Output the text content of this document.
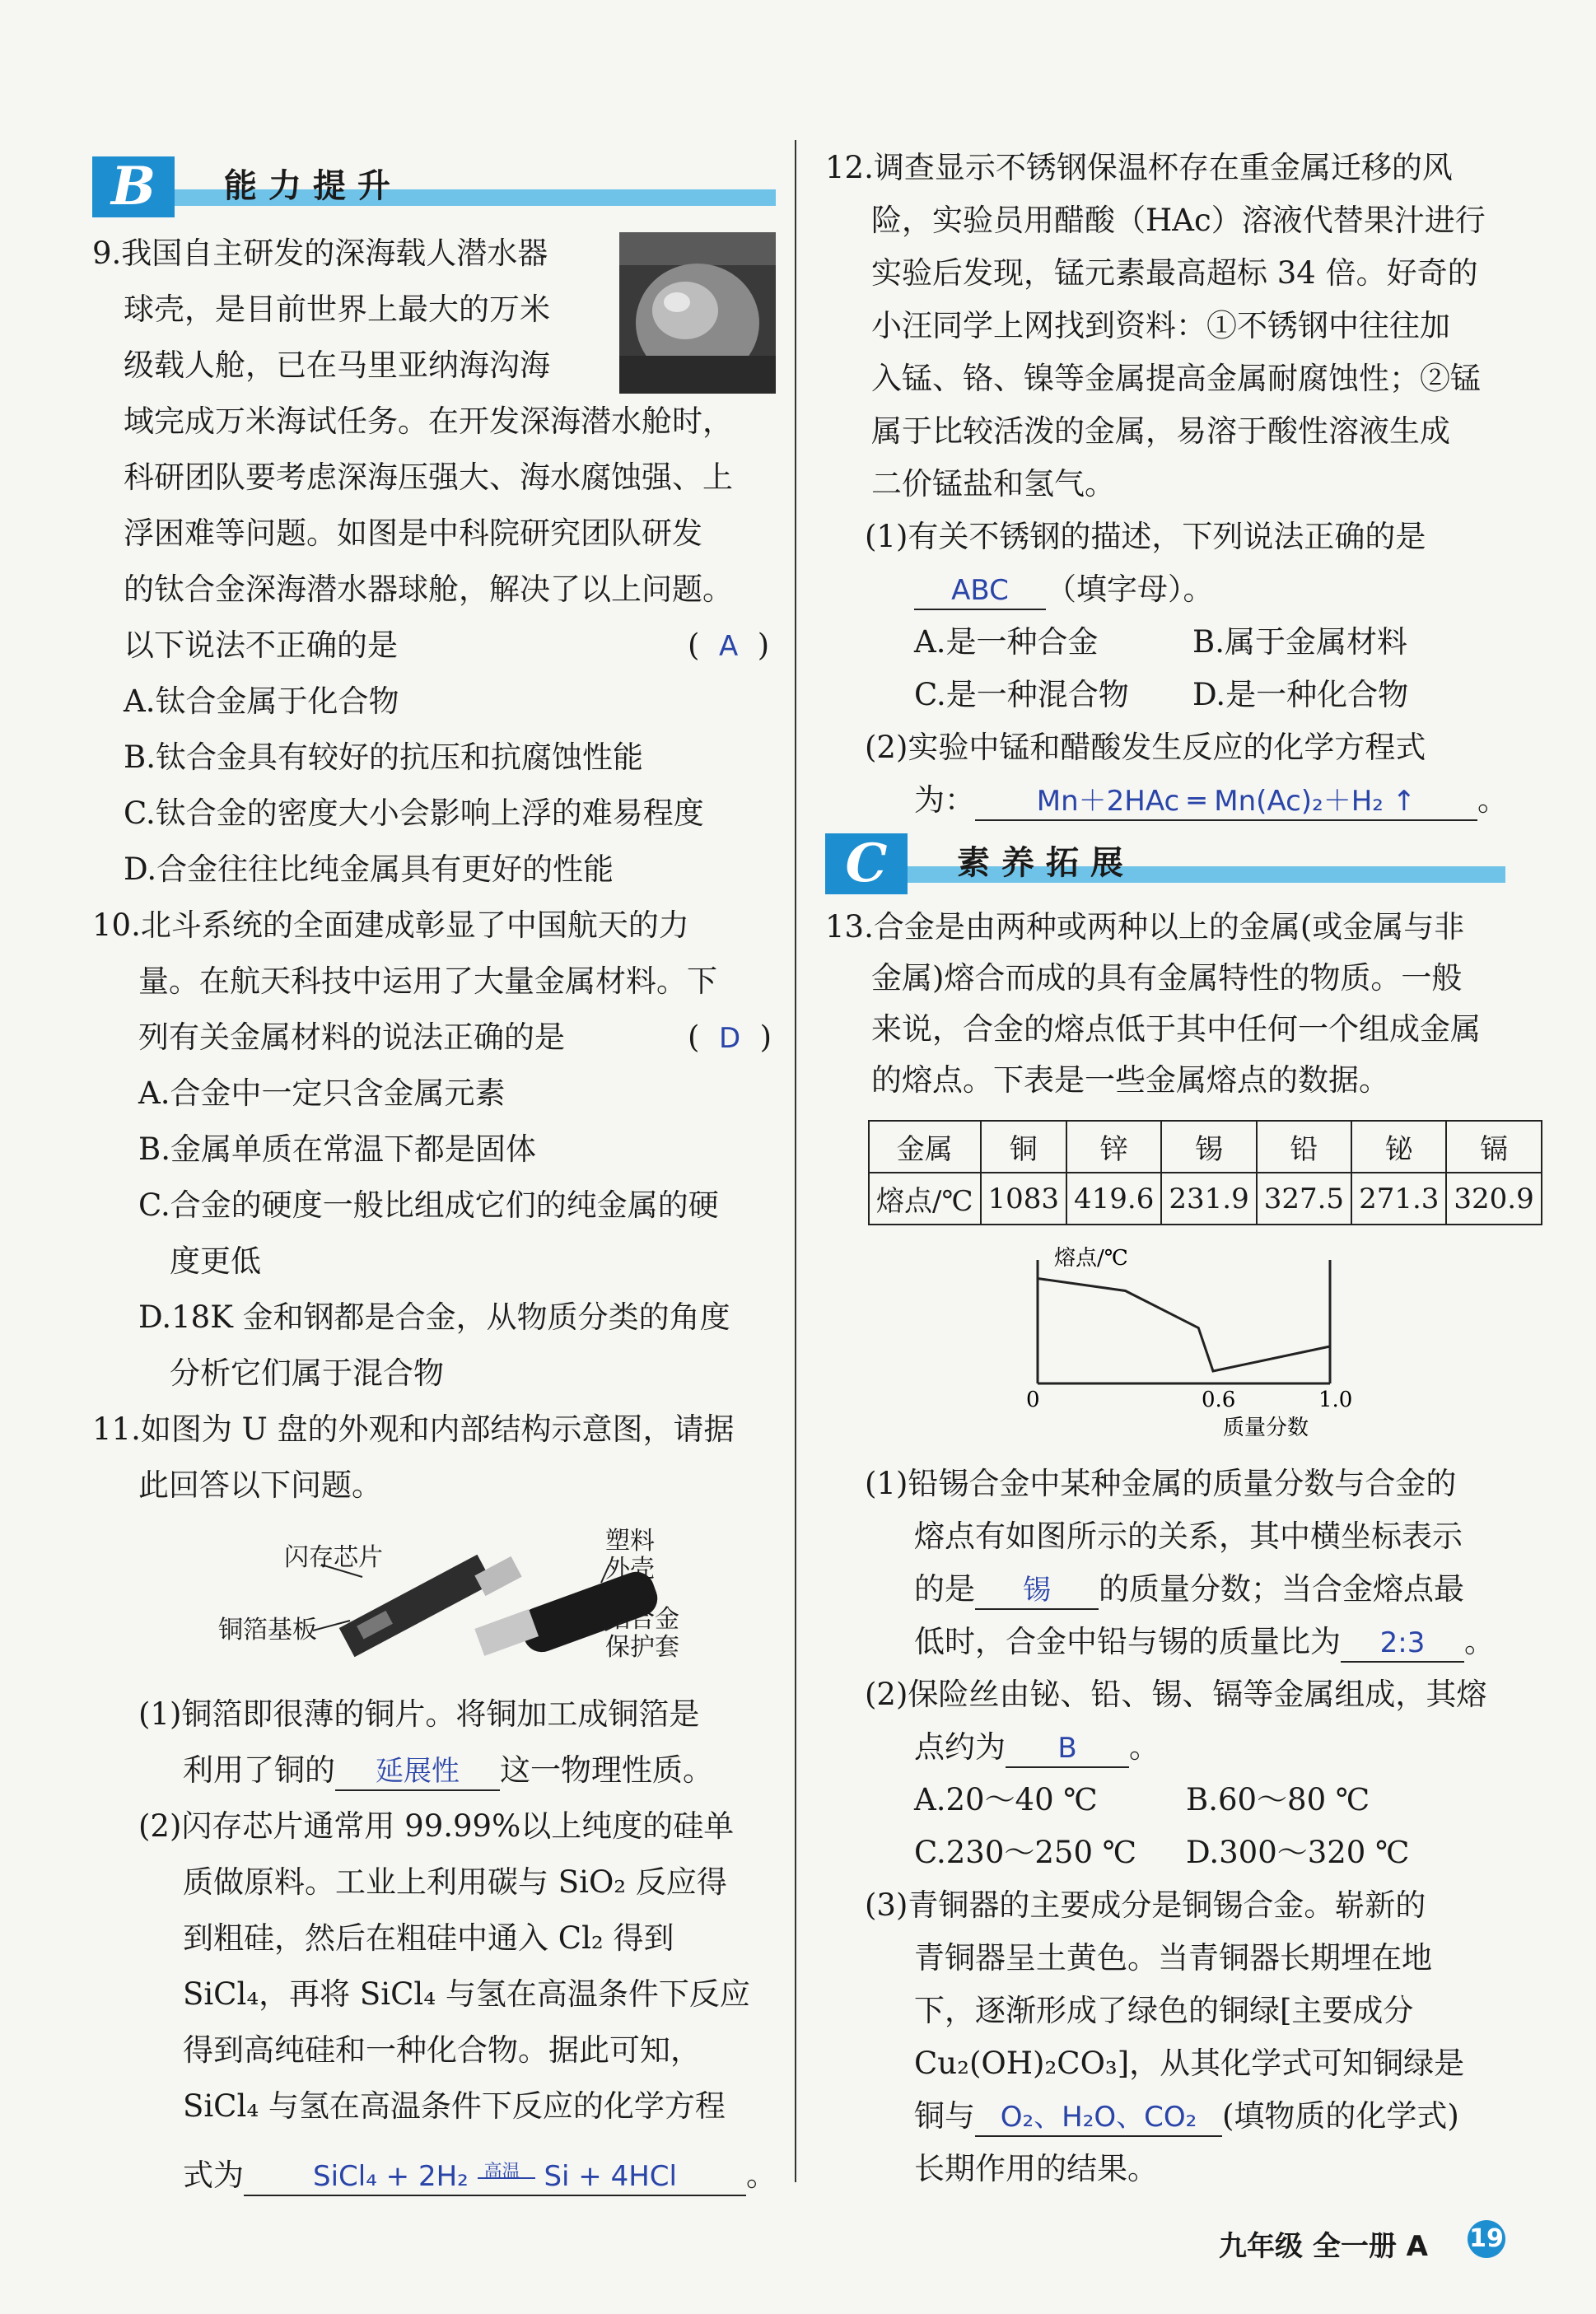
B	能力提升
9.我国自主研发的深海载人潜水器
球壳，是目前世界上最大的万米
级载人舱，已在马里亚纳海沟海
域完成万米海试任务。在开发深海潜水舱时，
科研团队要考虑深海压强大、海水腐蚀强、上
浮困难等问题。如图是中科院研究团队研发
的钛合金深海潜水器球舱，解决了以上问题。
以下说法不正确的是	(  A  )
A.钛合金属于化合物
B.钛合金具有较好的抗压和抗腐蚀性能
C.钛合金的密度大小会影响上浮的难易程度
D.合金往往比纯金属具有更好的性能
10.北斗系统的全面建成彰显了中国航天的力
量。在航天科技中运用了大量金属材料。下
列有关金属材料的说法正确的是	(  D  )
A.合金中一定只含金属元素
B.金属单质在常温下都是固体
C.合金的硬度一般比组成它们的纯金属的硬
度更低
D.18K 金和钢都是合金，从物质分类的角度
分析它们属于混合物
11.如图为 U 盘的外观和内部结构示意图，请据
此回答以下问题。
闪存芯片
铜箔基板
塑料
外壳
铝合金
保护套
(1)铜箔即很薄的铜片。将铜加工成铜箔是
利用了铜的 延展性 这一物理性质。
(2)闪存芯片通常用 99.99%以上纯度的硅单
质做原料。工业上利用碳与 SiO₂ 反应得
到粗硅，然后在粗硅中通入 Cl₂ 得到
SiCl₄，再将 SiCl₄ 与氢在高温条件下反应
得到高纯硅和一种化合物。据此可知，
SiCl₄ 与氢在高温条件下反应的化学方程
式为 SiCl₄ + 2H₂ 高温 Si + 4HCl 。
12.调查显示不锈钢保温杯存在重金属迁移的风
险，实验员用醋酸（HAc）溶液代替果汁进行
实验后发现，锰元素最高超标 34 倍。好奇的
小汪同学上网找到资料：①不锈钢中往往加
入锰、铬、镍等金属提高金属耐腐蚀性；②锰
属于比较活泼的金属，易溶于酸性溶液生成
二价锰盐和氢气。
(1)有关不锈钢的描述，下列说法正确的是
ABC （填字母）。
A.是一种合金	B.属于金属材料
C.是一种混合物 D.是一种化合物
(2)实验中锰和醋酸发生反应的化学方程式
为： Mn＋2HAc ═ Mn(Ac)₂＋H₂ ↑ 。
C	素养拓展
13.合金是由两种或两种以上的金属(或金属与非
金属)熔合而成的具有金属特性的物质。一般
来说，合金的熔点低于其中任何一个组成金属
的熔点。下表是一些金属熔点的数据。
金属	铜	锌	锡	铅	铋	镉
熔点/℃	1083	419.6	231.9	327.5	271.3	320.9
熔点/℃
0	0.6	1.0
质量分数
(1)铅锡合金中某种金属的质量分数与合金的
熔点有如图所示的关系，其中横坐标表示
的是 锡 的质量分数；当合金熔点最
低时，合金中铅与锡的质量比为 2:3 。
(2)保险丝由铋、铅、锡、镉等金属组成，其熔
点约为 B 。
A.20～40 ℃	B.60～80 ℃
C.230～250 ℃ D.300～320 ℃
(3)青铜器的主要成分是铜锡合金。崭新的
青铜器呈土黄色。当青铜器长期埋在地
下，逐渐形成了绿色的铜绿[主要成分
Cu₂(OH)₂CO₃]，从其化学式可知铜绿是
铜与 O₂、H₂O、CO₂ (填物质的化学式)
长期作用的结果。
九年级 全一册 A 19
